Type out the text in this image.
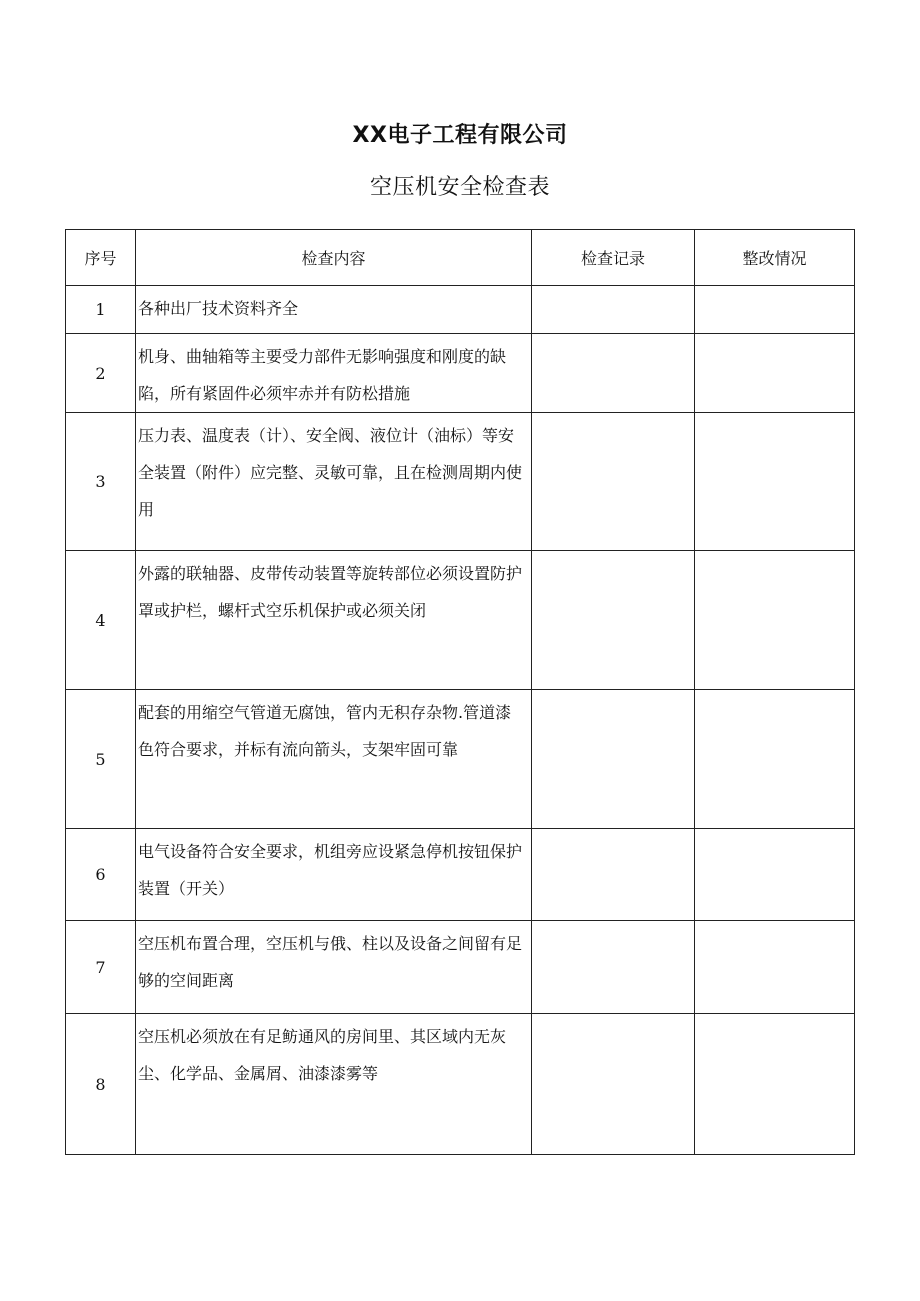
XX电子工程有限公司
空压机安全检查表
序号	检查内容	检查记录	整改情况
1	各种出厂技术资料齐全		
2	机身、曲轴箱等主要受力部件无影响强度和刚度的缺陷，所有紧固件必须牢赤并有防松措施		
3	压力表、温度表（计）、安全阀、液位计（油标）等安全装置（附件）应完整、灵敏可靠，且在检测周期内使用		
4	外露的联轴器、皮带传动装置等旋转部位必须设置防护罩或护栏，螺杆式空乐机保护或必须关闭		
5	配套的用缩空气管道无腐蚀，管内无积存杂物.管道漆色符合要求，并标有流向箭头，支架牢固可靠		
6	电气设备符合安全要求，机组旁应设紧急停机按钮保护装置（开关）		
7	空压机布置合理，空压机与俄、柱以及设备之间留有足够的空间距离		
8	空压机必须放在有足鲂通风的房间里、其区域内无灰尘、化学品、金属屑、油漆漆雾等		
